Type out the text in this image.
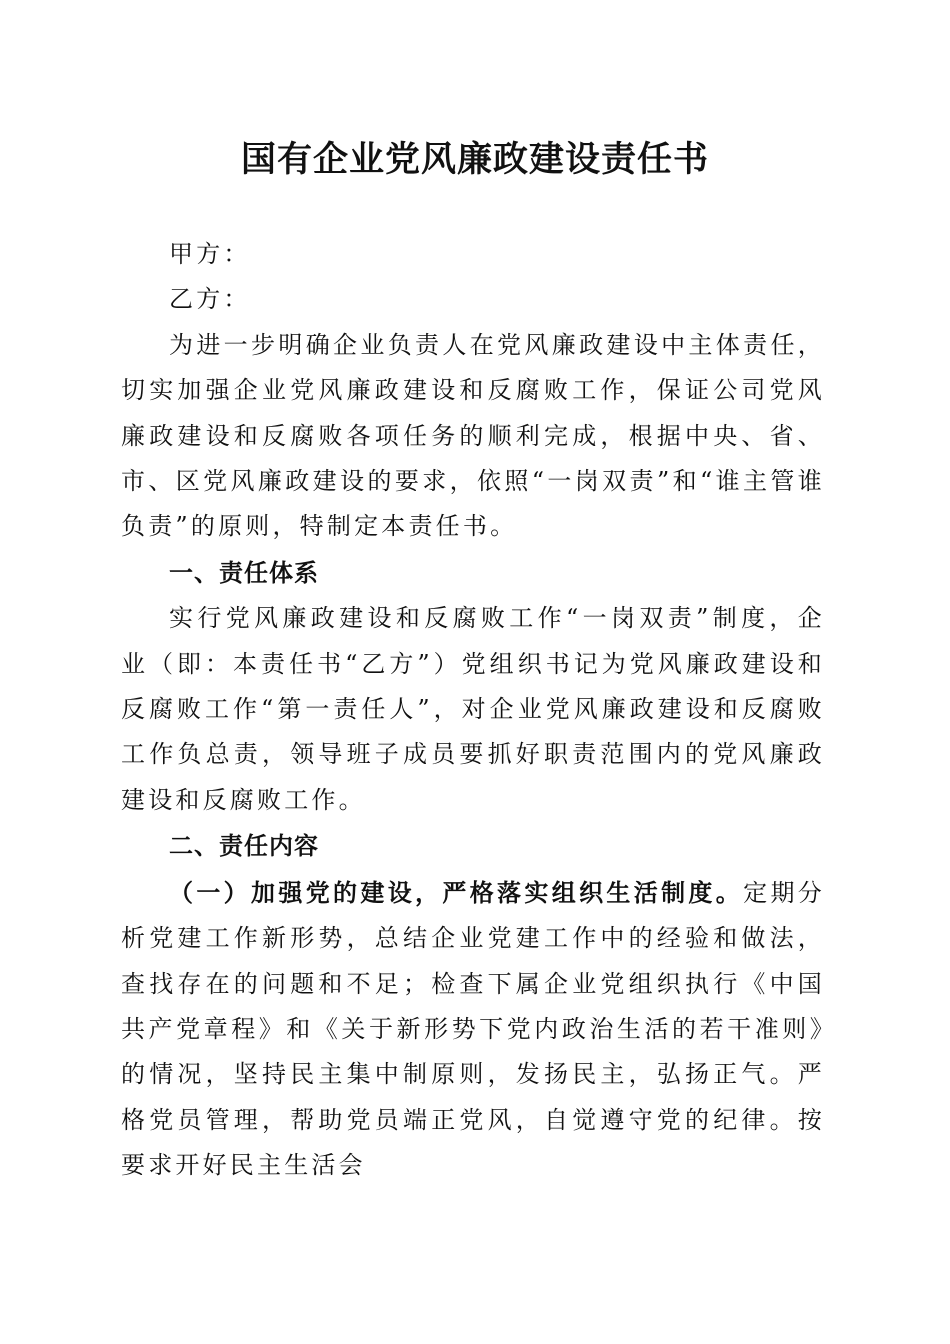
国有企业党风廉政建设责任书

甲方：

乙方：

为进一步明确企业负责人在党风廉政建设中主体责任，切实加强企业党风廉政建设和反腐败工作，保证公司党风廉政建设和反腐败各项任务的顺利完成，根据中央、省、市、区党风廉政建设的要求，依照“一岗双责”和“谁主管谁负责”的原则，特制定本责任书。

一、责任体系

实行党风廉政建设和反腐败工作“一岗双责”制度，企业（即：本责任书“乙方”）党组织书记为党风廉政建设和反腐败工作“第一责任人”，对企业党风廉政建设和反腐败工作负总责，领导班子成员要抓好职责范围内的党风廉政建设和反腐败工作。

二、责任内容

（一）加强党的建设，严格落实组织生活制度。定期分析党建工作新形势，总结企业党建工作中的经验和做法，查找存在的问题和不足；检查下属企业党组织执行《中国共产党章程》和《关于新形势下党内政治生活的若干准则》的情况，坚持民主集中制原则，发扬民主，弘扬正气。严格党员管理，帮助党员端正党风，自觉遵守党的纪律。按要求开好民主生活会
